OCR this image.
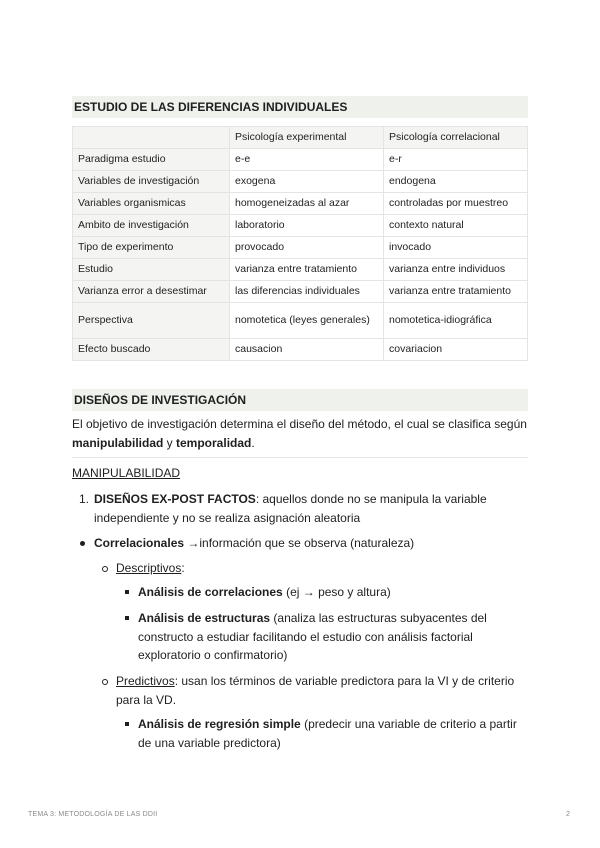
ESTUDIO DE LAS DIFERENCIAS INDIVIDUALES
	Psicología experimental	Psicología correlacional
Paradigma estudio	e-e	e-r
Variables de investigación	exogena	endogena
Variables organismicas	homogeneizadas al azar	controladas por muestreo
Ambito de investigación	laboratorio	contexto natural
Tipo de experimento	provocado	invocado
Estudio	varianza entre tratamiento	varianza entre individuos
Varianza error a desestimar	las diferencias individuales	varianza entre tratamiento
Perspectiva	nomotetica (leyes generales)	nomotetica-idiográfica
Efecto buscado	causacion	covariacion
DISEÑOS DE INVESTIGACIÓN
El objetivo de investigación determina el diseño del método, el cual se clasifica según manipulabilidad y temporalidad.
MANIPULABILIDAD
1. DISEÑOS EX-POST FACTOS: aquellos donde no se manipula la variable independiente y no se realiza asignación aleatoria
Correlacionales →información que se observa (naturaleza)
Descriptivos:
Análisis de correlaciones (ej → peso y altura)
Análisis de estructuras (analiza las estructuras subyacentes del constructo a estudiar facilitando el estudio con análisis factorial exploratorio o confirmatorio)
Predictivos: usan los términos de variable predictora para la VI y de criterio para la VD.
Análisis de regresión simple (predecir una variable de criterio a partir de una variable predictora)
TEMA 3: METODOLOGÍA DE LAS DDII	2
